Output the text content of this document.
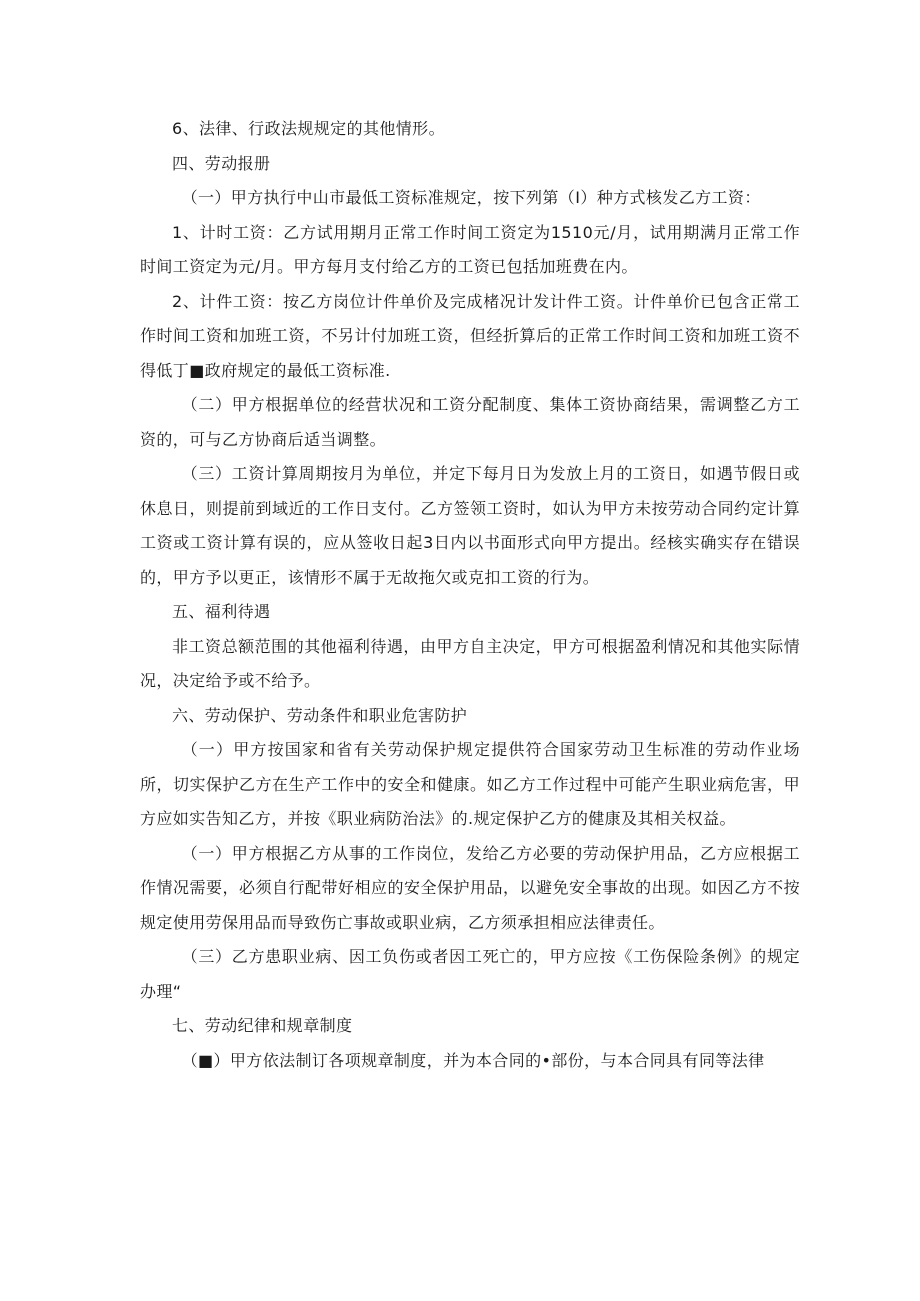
6、法律、行政法规规定的其他情形。

四、劳动报册

（一）甲方执行中山市最低工资标准规定，按下列第（I）种方式核发乙方工资：

1、计时工资：乙方试用期月正常工作时间工资定为1510元/月，试用期满月正常工作时间工资定为元/月。甲方每月支付给乙方的工资已包括加班费在内。

2、计件工资：按乙方岗位计件单价及完成楮况计发计件工资。计件单价已包含正常工作时间工资和加班工资，不另计付加班工资，但经折算后的正常工作时间工资和加班工资不得低丁■政府规定的最低工资标准.

（二）甲方根据单位的经营状况和工资分配制度、集体工资协商结果，需调整乙方工资的，可与乙方协商后适当调整。

（三）工资计算周期按月为单位，并定下每月日为发放上月的工资日，如遇节假日或休息日，则提前到域近的工作日支付。乙方签领工资时，如认为甲方未按劳动合同约定计算工资或工资计算有误的，应从签收日起3日内以书面形式向甲方提出。经核实确实存在错误的，甲方予以更正，该情形不属于无故拖欠或克扣工资的行为。

五、福利待遇

非工资总额范围的其他福利待遇，由甲方自主决定，甲方可根据盈利情况和其他实际情况，决定给予或不给予。

六、劳动保护、劳动条件和职业危害防护

（一）甲方按国家和省有关劳动保护规定提供符合国家劳动卫生标准的劳动作业场所，切实保护乙方在生产工作中的安全和健康。如乙方工作过程中可能产生职业病危害，甲方应如实告知乙方，并按《职业病防治法》的.规定保护乙方的健康及其相关权益。

（一）甲方根据乙方从事的工作岗位，发给乙方必要的劳动保护用品，乙方应根据工作情况需要，必须自行配带好相应的安全保护用品，以避免安全事故的出现。如因乙方不按规定使用劳保用品而导致伤亡事故或职业病，乙方须承担相应法律责任。

（三）乙方患职业病、因工负伤或者因工死亡的，甲方应按《工伤保险条例》的规定办理“

七、劳动纪律和规章制度

（■）甲方依法制订各项规章制度，并为本合同的•部份，与本合同具有同等法律
